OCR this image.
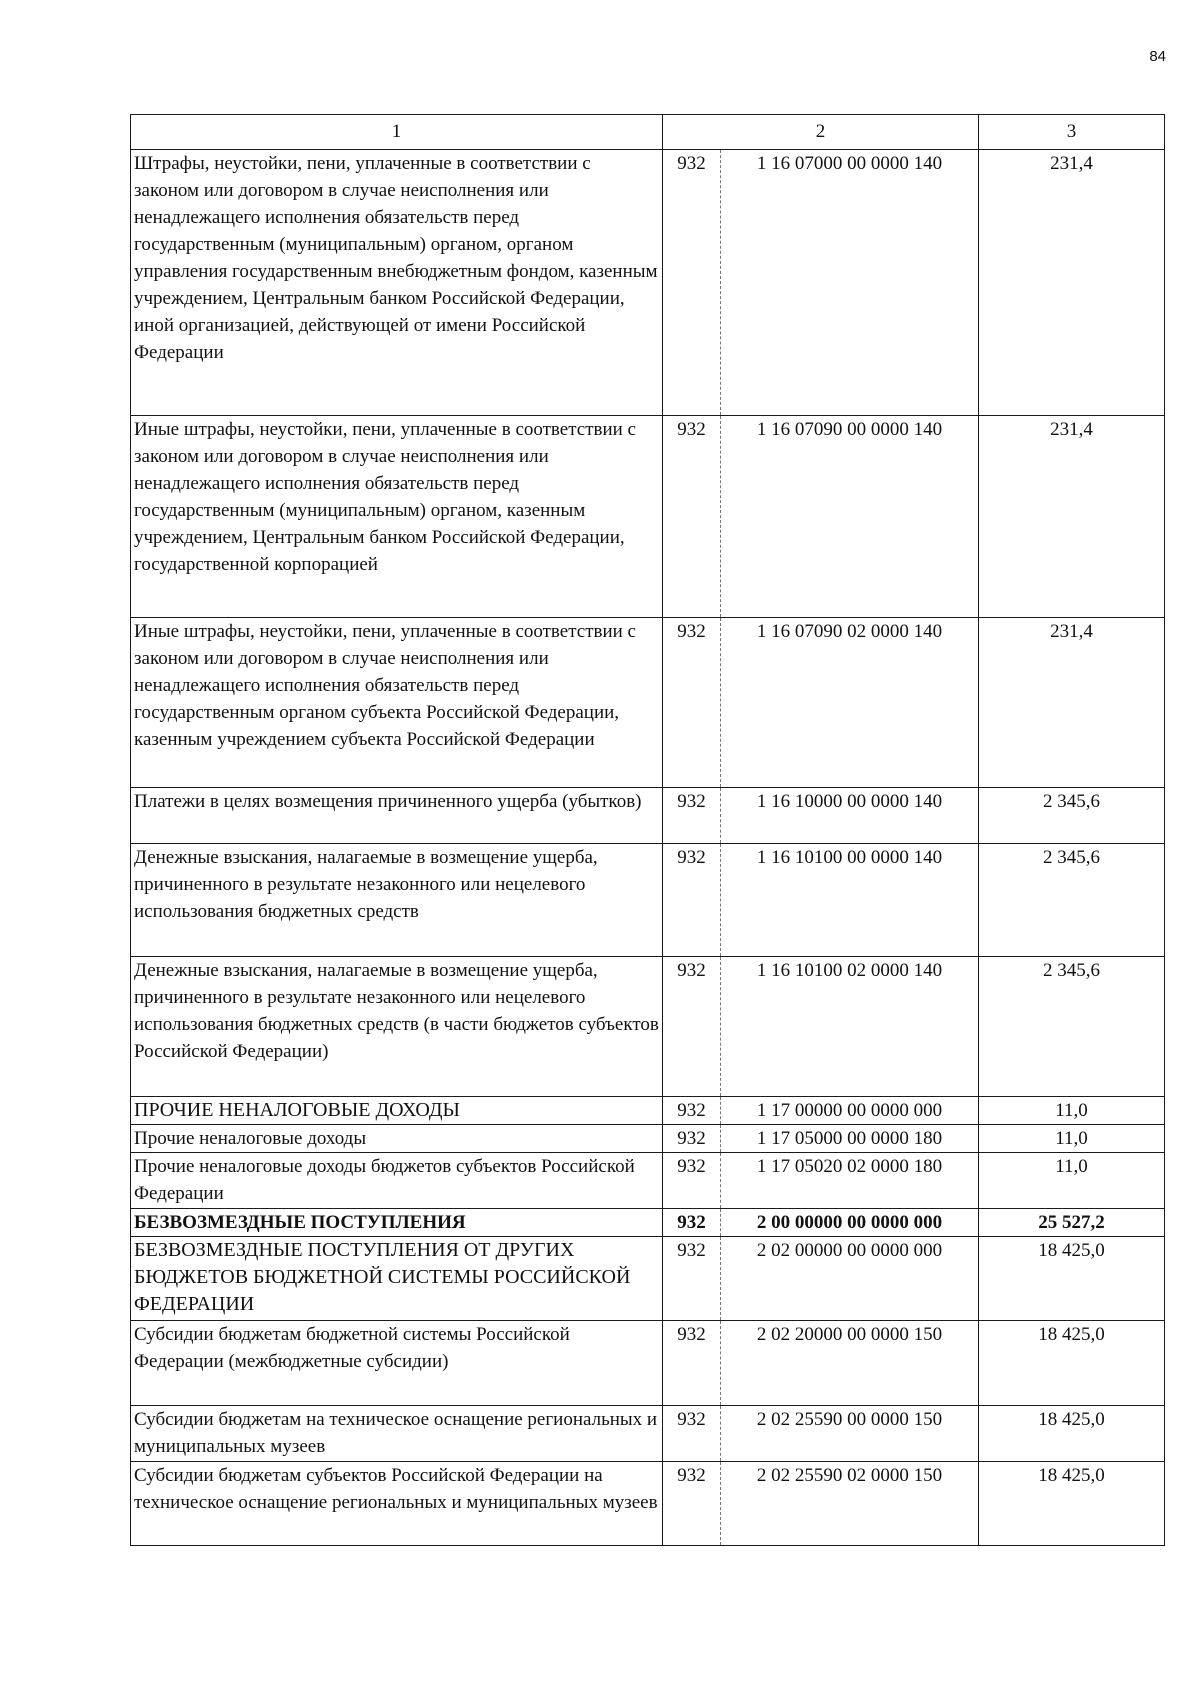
84
1	2		3
Штрафы, неустойки, пени, уплаченные в соответствии с законом или договором в случае неисполнения или ненадлежащего исполнения обязательств перед государственным (муниципальным) органом, органом управления государственным внебюджетным фондом, казенным учреждением, Центральным банком Российской Федерации, иной организацией, действующей от имени Российской Федерации	932	1 16 07000 00 0000 140	231,4
Иные штрафы, неустойки, пени, уплаченные в соответствии с законом или договором в случае неисполнения или ненадлежащего исполнения обязательств перед государственным (муниципальным) органом, казенным учреждением, Центральным банком Российской Федерации, государственной корпорацией	932	1 16 07090 00 0000 140	231,4
Иные штрафы, неустойки, пени, уплаченные в соответствии с законом или договором в случае неисполнения или ненадлежащего исполнения обязательств перед государственным органом субъекта Российской Федерации, казенным учреждением субъекта Российской Федерации	932	1 16 07090 02 0000 140	231,4
Платежи в целях возмещения причиненного ущерба (убытков)	932	1 16 10000 00 0000 140	2 345,6
Денежные взыскания, налагаемые в возмещение ущерба, причиненного в результате незаконного или нецелевого использования бюджетных средств	932	1 16 10100 00 0000 140	2 345,6
Денежные взыскания, налагаемые в возмещение ущерба, причиненного в результате незаконного или нецелевого использования бюджетных средств (в части бюджетов субъектов Российской Федерации)	932	1 16 10100 02 0000 140	2 345,6
ПРОЧИЕ НЕНАЛОГОВЫЕ ДОХОДЫ	932	1 17 00000 00 0000 000	11,0
Прочие неналоговые доходы	932	1 17 05000 00 0000 180	11,0
Прочие неналоговые доходы бюджетов субъектов Российской Федерации	932	1 17 05020 02 0000 180	11,0
БЕЗВОЗМЕЗДНЫЕ ПОСТУПЛЕНИЯ	932	2 00 00000 00 0000 000	25 527,2
БЕЗВОЗМЕЗДНЫЕ ПОСТУПЛЕНИЯ ОТ ДРУГИХ БЮДЖЕТОВ БЮДЖЕТНОЙ СИСТЕМЫ РОССИЙСКОЙ ФЕДЕРАЦИИ	932	2 02 00000 00 0000 000	18 425,0
Субсидии бюджетам бюджетной системы Российской Федерации (межбюджетные субсидии)	932	2 02 20000 00 0000 150	18 425,0
Субсидии бюджетам на техническое оснащение региональных и муниципальных музеев	932	2 02 25590 00 0000 150	18 425,0
Субсидии бюджетам субъектов Российской Федерации на техническое оснащение региональных и муниципальных музеев	932	2 02 25590 02 0000 150	18 425,0
